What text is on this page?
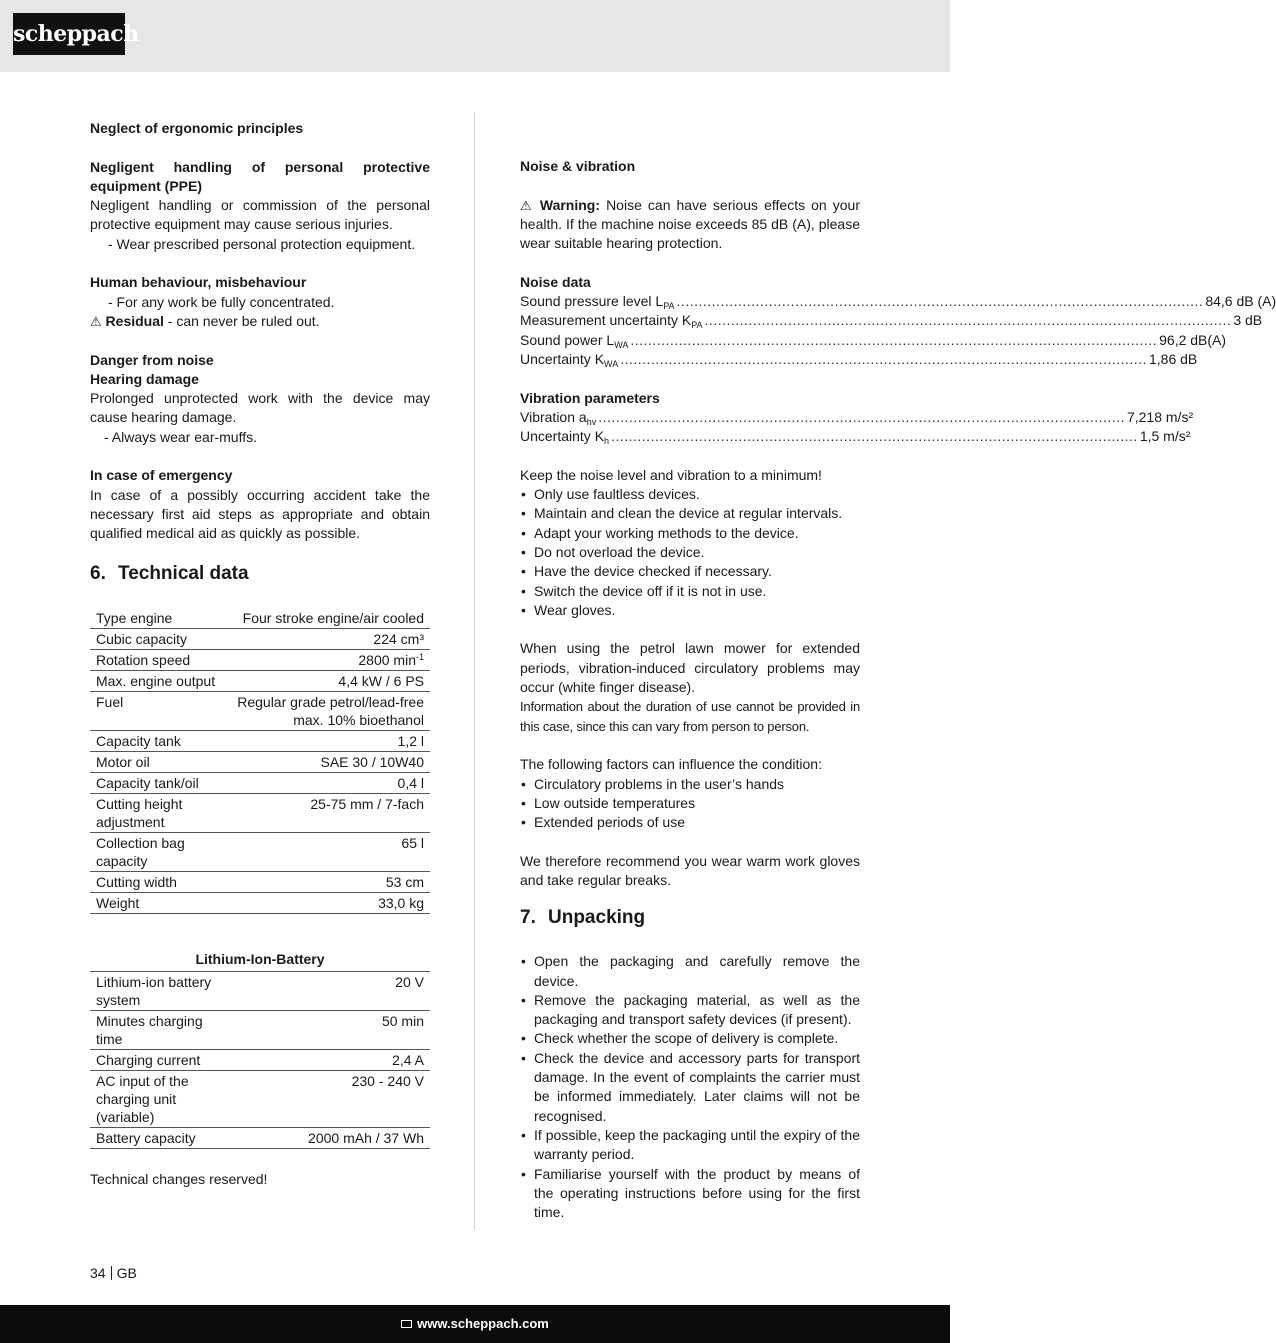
scheppach
Neglect of ergonomic principles
Negligent handling of personal protective equipment (PPE)

Negligent handling or commission of the personal protective equipment may cause serious injuries.

- Wear prescribed personal protection equipment.
Human behaviour, misbehaviour
- For any work be fully concentrated.
⚠ Residual - can never be ruled out.
Danger from noise
Hearing damage

Prolonged unprotected work with the device may cause hearing damage.

- Always wear ear-muffs.
In case of emergency

In case of a possibly occurring accident take the necessary first aid steps as appropriate and obtain qualified medical aid as quickly as possible.

6. Technical data
Type engine	Four stroke engine/air cooled
Cubic capacity	224 cm³
Rotation speed	2800 $\min^{-1}$
Max. engine output	4,4 kW / 6 PS
Fuel	Regular grade petrol/lead-free max. 10% bioethanol
Capacity tank	1,2 l
Motor oil	SAE 30 / 10W40
Capacity tank/oil	0,4 l
Cutting height adjustment	25-75 mm / 7-fach
Collection bag capacity	65 l
Cutting width	53 cm
Weight	33,0 kg
Lithium-Ion-Battery
Lithium-ion battery system	20 V
Minutes charging time	50 min
Charging current	2,4 A
AC input of the charging unit (variable)	230 - 240 V
Battery capacity	2000 mAh / 37 Wh
Technical changes reserved!
Noise & vibration

⚠ Warning: Noise can have serious effects on your health. If the machine noise exceeds 85 dB (A), please wear suitable hearing protection.

Noise data
Sound pressure level $L_{PA}$ ........................................................................................................................ 84,6 dB (A)
Measurement uncertainty $K_{PA}$ ........................................................................................................................ 3 dB
Sound power $L_{WA}$ ........................................................................................................................ 96,2 dB(A)
Uncertainty $K_{WA}$ ........................................................................................................................ 1,86 dB
Vibration parameters
Vibration $a_{hv}$ ........................................................................................................................ 7,218 m/s²
Uncertainty $K_h$ ........................................................................................................................ 1,5 m/s²
Keep the noise level and vibration to a minimum!
• Only use faultless devices.
• Maintain and clean the device at regular intervals.
• Adapt your working methods to the device.
• Do not overload the device.
• Have the device checked if necessary.
• Switch the device off if it is not in use.
• Wear gloves.

When using the petrol lawn mower for extended periods, vibration-induced circulatory problems may occur (white finger disease).

Information about the duration of use cannot be provided in this case, since this can vary from person to person.

The following factors can influence the condition:
• Circulatory problems in the user’s hands
• Low outside temperatures
• Extended periods of use

We therefore recommend you wear warm work gloves and take regular breaks.

7. Unpacking
• Open the packaging and carefully remove the device.
• Remove the packaging material, as well as the packaging and transport safety devices (if present).
• Check whether the scope of delivery is complete.
• Check the device and accessory parts for transport damage. In the event of complaints the carrier must be informed immediately. Later claims will not be recognised.
• If possible, keep the packaging until the expiry of the warranty period.
• Familiarise yourself with the product by means of the operating instructions before using for the first time.
34 GB
www.scheppach.com
